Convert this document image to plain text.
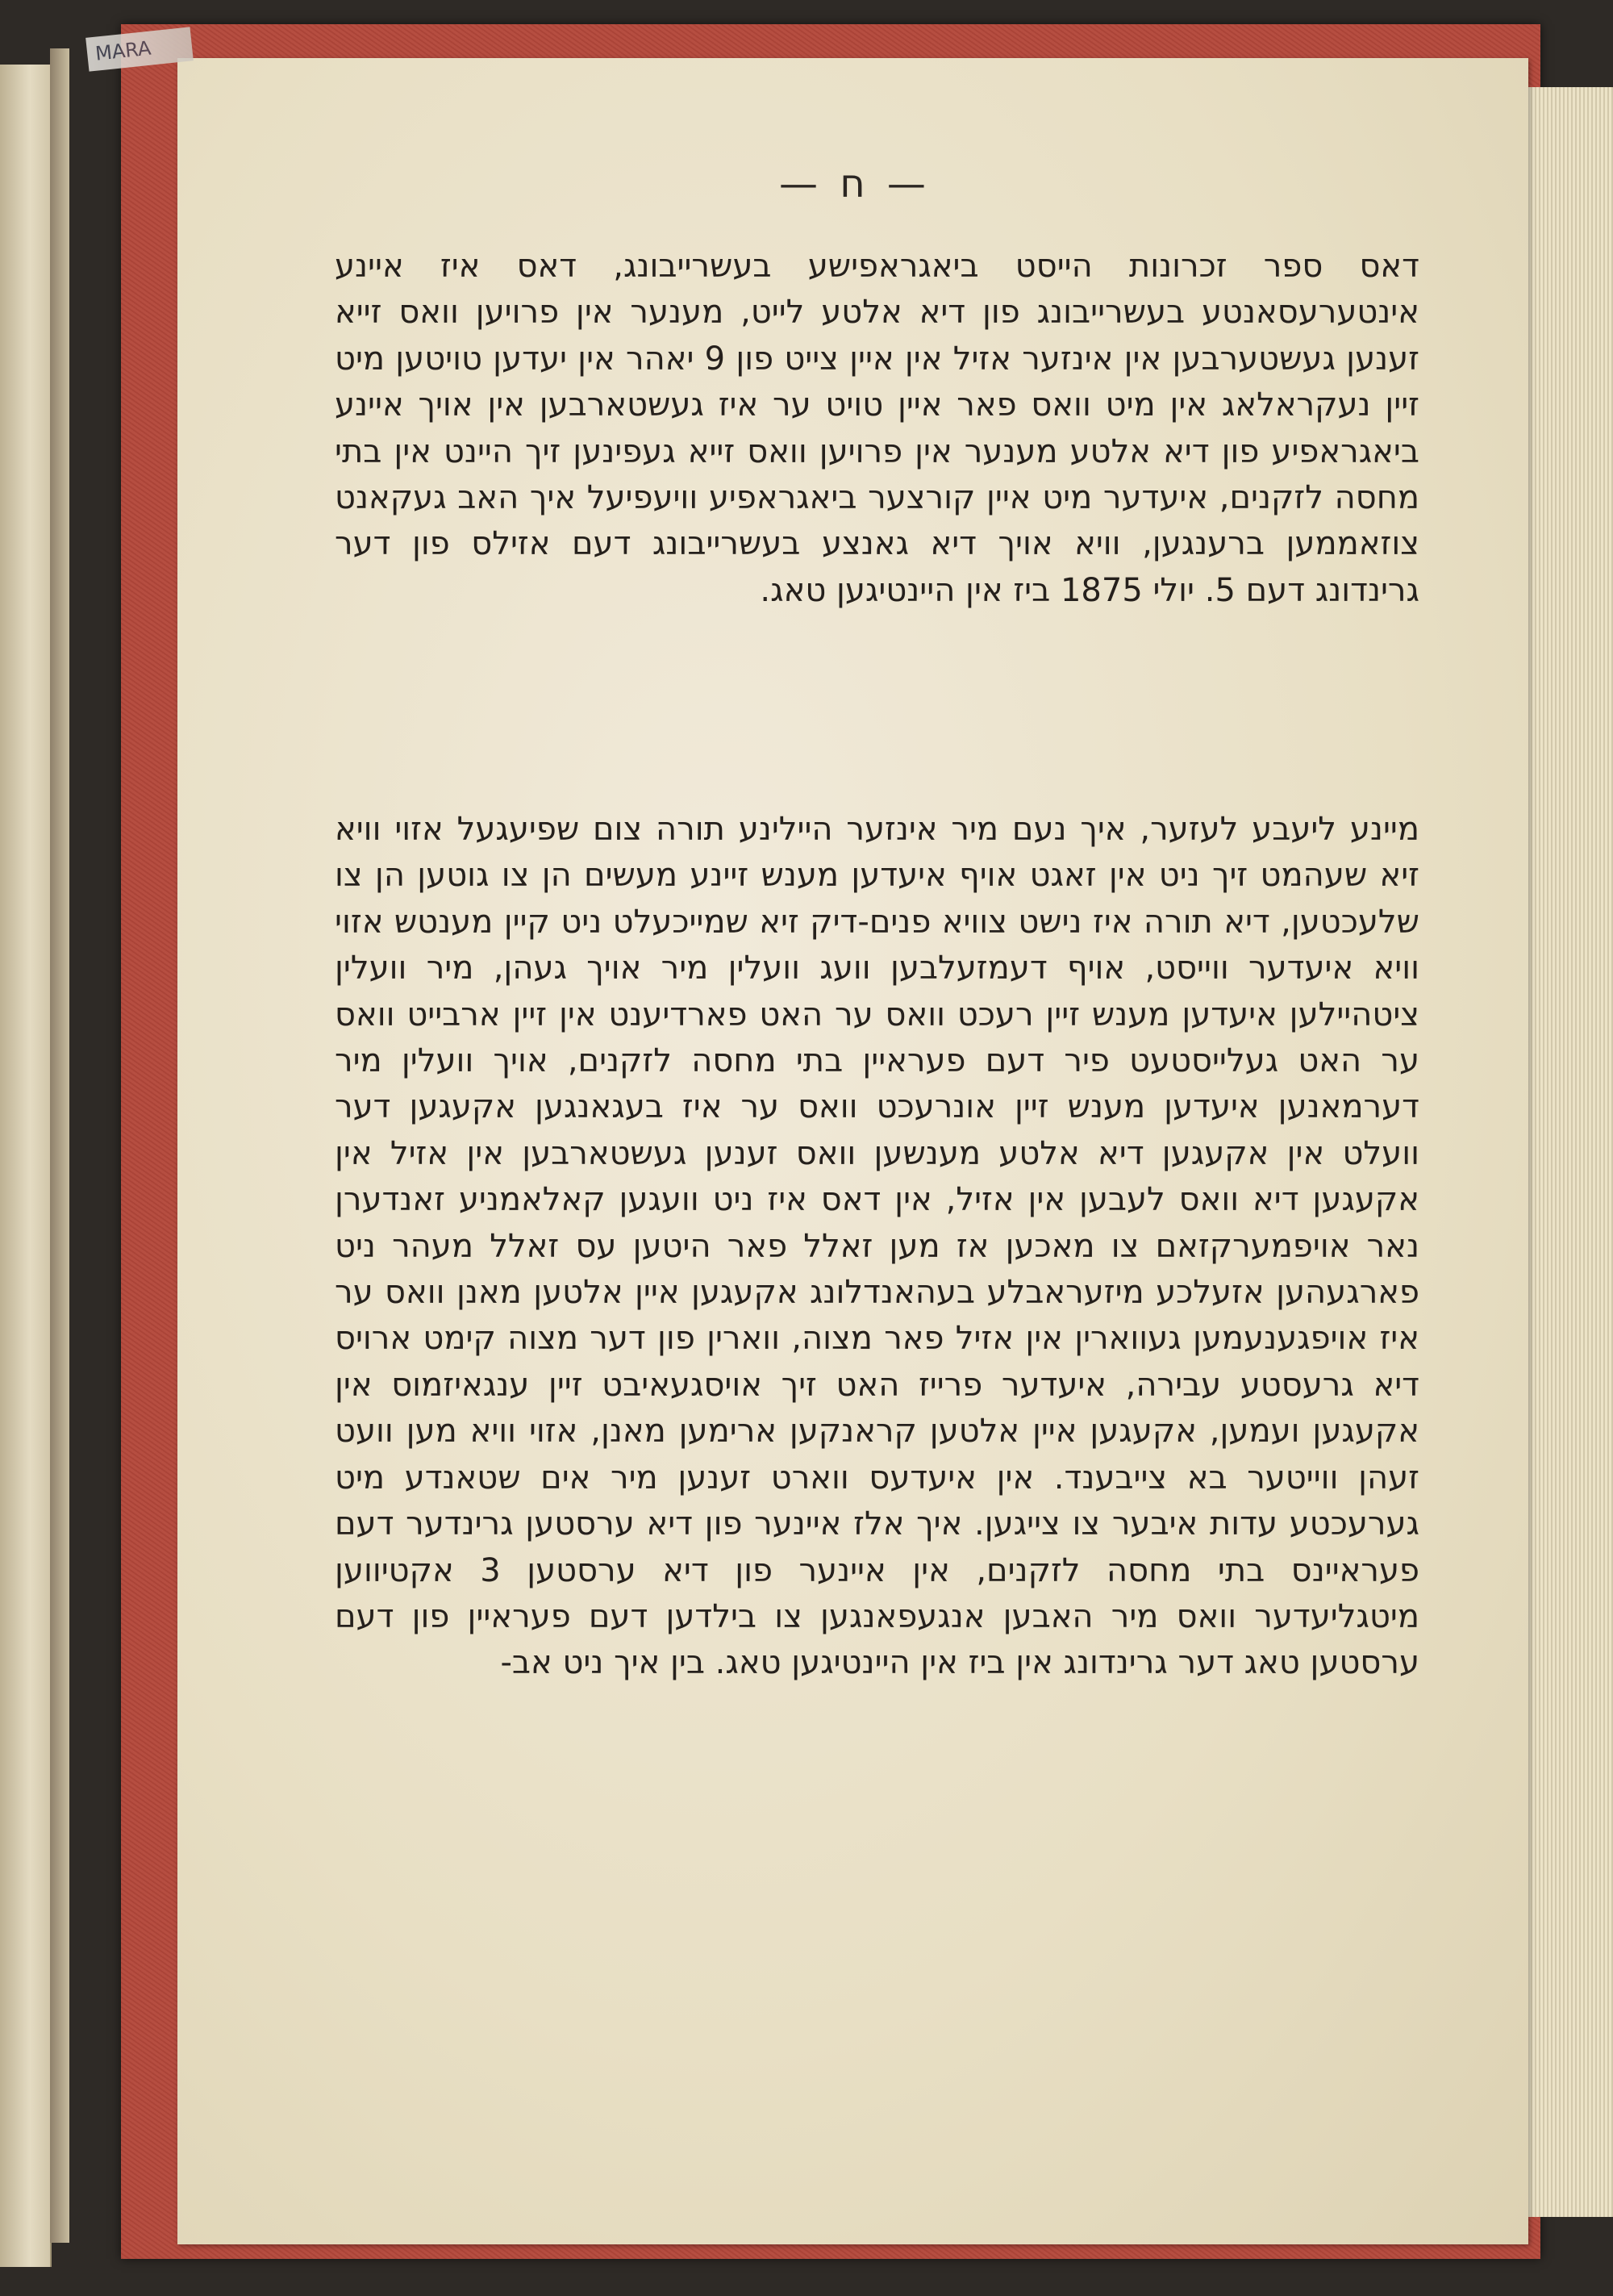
— ח —

דאס ספר זכרונות הייסט ביאגראפישע בעשרייבונג, דאס איז איינע אינטערעסאנטע בעשרייבונג פון דיא אלטע לייט, מענער אין פרויען וואס זייא זענען געשטערבען אין אינזער אזיל אין איין צייט פון 9 יאהר אין יעדען טויטען מיט זיין נעקראלאג אין מיט וואס פאר איין טויט ער איז געשטארבען אין אויך איינע ביאגראפיע פון דיא אלטע מענער אין פרויען וואס זייא געפינען זיך היינט אין בתי מחסה לזקנים, איעדער מיט איין קורצער ביאגראפיע וויעפיעל איך האב געקאנט צוזאממען ברענגען, וויא אויך דיא גאנצע בעשרייבונג דעם אזילס פון דער גרינדונג דעם 5. יולי 1875 ביז אין היינטיגען טאג.

מיינע ליעבע לעזער, איך נעם מיר אינזער היילינע תורה צום שפיעגעל אזוי וויא זיא שעהמט זיך ניט אין זאגט אויף איעדען מענש זיינע מעשים הן צו גוטען הן צו שלעכטען, דיא תורה איז נישט צוויא פנים-דיק זיא שמייכעלט ניט קיין מענטש אזוי וויא איעדער ווייסט, אויף דעמזעלבען וועג וועלין מיר אויך געהן, מיר וועלין ציטהיילען איעדען מענש זיין רעכט וואס ער האט פארדיענט אין זיין ארבייט וואס ער האט געלייסטעט פיר דעם פעראיין בתי מחסה לזקנים, אויך וועלין מיר דערמאנען איעדען מענש זיין אונרעכט וואס ער איז בעגאנגען אקעגען דער וועלט אין אקעגען דיא אלטע מענשען וואס זענען געשטארבען אין אזיל אין אקעגען דיא וואס לעבען אין אזיל, אין דאס איז ניט וועגען קאלאמניע זאנדערן נאר אויפמערקזאם צו מאכען אז מען זאלל פאר היטען עס זאלל מעהר ניט פארגעהען אזעלכע מיזעראבלע בעהאנדלונג אקעגען איין אלטען מאנן וואס ער איז אויפגענעמען געווארין אין אזיל פאר מצוה, ווארין פון דער מצוה קימט ארויס דיא גרעסטע עבירה, איעדער פרייז האט זיך אויסגעאיבט זיין ענגאיזמוס אין אקעגען ועמען, אקעגען איין אלטען קראנקען ארימען מאנן, אזוי וויא מען וועט זעהן ווייטער בא צייבענד. אין איעדעס ווארט זענען מיר אים שטאנדע מיט גערעכטע עדות איבער צו צייגען. איך אלז איינער פון דיא ערסטען גרינדער דעם פעראיינס בתי מחסה לזקנים, אין איינער פון דיא ערסטען 3 אקטיווען מיטגליעדער וואס מיר האבען אנגעפאנגען צו בילדען דעם פעראיין פון דעם ערסטען טאג דער גרינדונג אין ביז אין היינטיגען טאג. בין איך ניט אב-

MARA
